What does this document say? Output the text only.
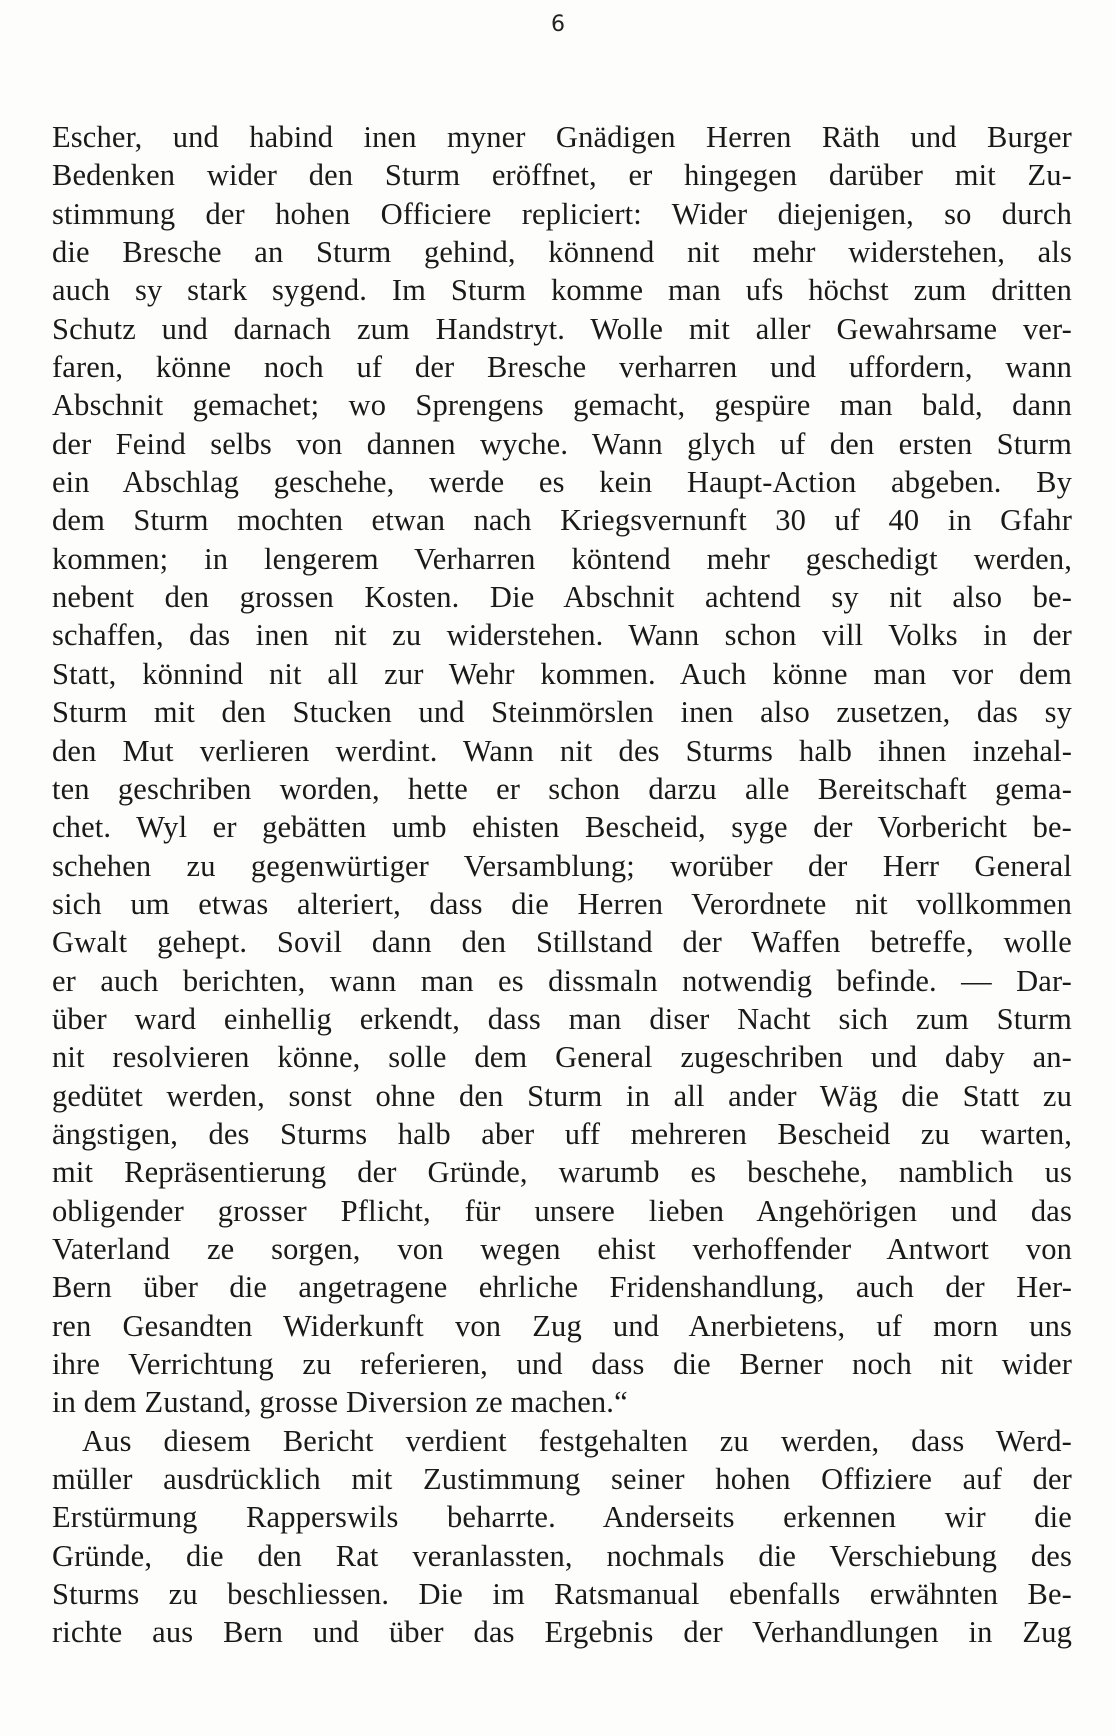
6
Escher, und habind inen myner Gnädigen Herren Räth und Burger
Bedenken wider den Sturm eröffnet, er hingegen darüber mit Zu-
stimmung der hohen Officiere repliciert: Wider diejenigen, so durch
die Bresche an Sturm gehind, könnend nit mehr widerstehen, als
auch sy stark sygend. Im Sturm komme man ufs höchst zum dritten
Schutz und darnach zum Handstryt. Wolle mit aller Gewahrsame ver-
faren, könne noch uf der Bresche verharren und uffordern, wann
Abschnit gemachet; wo Sprengens gemacht, gespüre man bald, dann
der Feind selbs von dannen wyche. Wann glych uf den ersten Sturm
ein Abschlag geschehe, werde es kein Haupt-Action abgeben. By
dem Sturm mochten etwan nach Kriegsvernunft 30 uf 40 in Gfahr
kommen; in lengerem Verharren köntend mehr geschedigt werden,
nebent den grossen Kosten. Die Abschnit achtend sy nit also be-
schaffen, das inen nit zu widerstehen. Wann schon vill Volks in der
Statt, könnind nit all zur Wehr kommen. Auch könne man vor dem
Sturm mit den Stucken und Steinmörslen inen also zusetzen, das sy
den Mut verlieren werdint. Wann nit des Sturms halb ihnen inzehal-
ten geschriben worden, hette er schon darzu alle Bereitschaft gema-
chet. Wyl er gebätten umb ehisten Bescheid, syge der Vorbericht be-
schehen zu gegenwürtiger Versamblung; worüber der Herr General
sich um etwas alteriert, dass die Herren Verordnete nit vollkommen
Gwalt gehept. Sovil dann den Stillstand der Waffen betreffe, wolle
er auch berichten, wann man es dissmaln notwendig befinde. — Dar-
über ward einhellig erkendt, dass man diser Nacht sich zum Sturm
nit resolvieren könne, solle dem General zugeschriben und daby an-
gedütet werden, sonst ohne den Sturm in all ander Wäg die Statt zu
ängstigen, des Sturms halb aber uff mehreren Bescheid zu warten,
mit Repräsentierung der Gründe, warumb es beschehe, namblich us
obligender grosser Pflicht, für unsere lieben Angehörigen und das
Vaterland ze sorgen, von wegen ehist verhoffender Antwort von
Bern über die angetragene ehrliche Fridenshandlung, auch der Her-
ren Gesandten Widerkunft von Zug und Anerbietens, uf morn uns
ihre Verrichtung zu referieren, und dass die Berner noch nit wider
in dem Zustand, grosse Diversion ze machen.“
Aus diesem Bericht verdient festgehalten zu werden, dass Werd-
müller ausdrücklich mit Zustimmung seiner hohen Offiziere auf der
Erstürmung Rapperswils beharrte. Anderseits erkennen wir die
Gründe, die den Rat veranlassten, nochmals die Verschiebung des
Sturms zu beschliessen. Die im Ratsmanual ebenfalls erwähnten Be-
richte aus Bern und über das Ergebnis der Verhandlungen in Zug
